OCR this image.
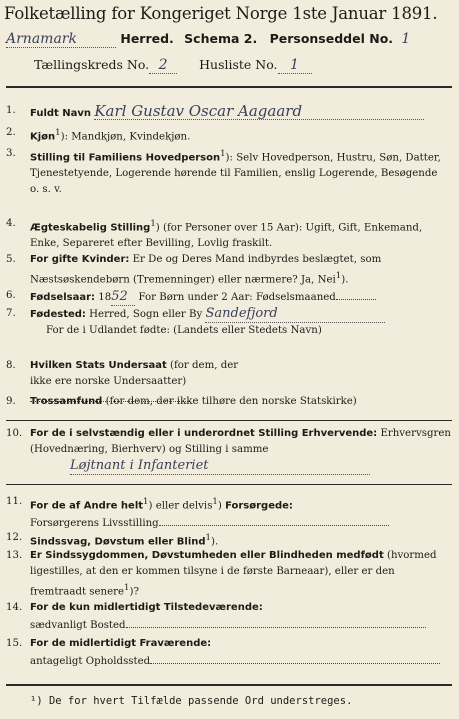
Folketælling for Kongeriget Norge 1ste Januar 1891.
Arnamark	Herred. Schema 2. Personseddel No. 1
Tællingskreds No. 2	Husliste No. 1
1.	Fuldt Navn Karl Gustav Oscar Aagaard
2.	Kjøn$^1$): Mandkjøn, Kvindekjøn.
3.	Stilling til Familiens Hovedperson$^1$): Selv Hovedperson, Hustru, Søn, Datter, Tjenestetyende, Logerende hørende til Familien, enslig Logerende, Besøgende
o. s. v.
4.	Ægteskabelig Stilling$^1$) (for Personer over 15 Aar): Ugift, Gift, Enkemand, Enke, Separeret efter Bevilling, Lovlig fraskilt.
5.	For gifte Kvinder: Er De og Deres Mand indbyrdes beslægtet, som Næstsøskendebørn (Tremenninger) eller nærmere? Ja, Nei$^1$).
6.	Fødselsaar: 1852 For Børn under 2 Aar: Fødselsmaaned
7.	Fødested: Herred, Sogn eller By Sandefjord
For de i Udlandet fødte: (Landets eller Stedets Navn)
8.	Hvilken Stats Undersaat (for dem, der ikke ere norske Undersaatter)
9.	Trossamfund (for dem, der ikke tilhøre den norske Statskirke)
10. For de i selvstændig eller i underordnet Stilling Erhvervende: Erhvervsgren (Hovednæring, Bierhverv) og Stilling i samme
Løjtnant i Infanteriet
11. For de af Andre helt$^1$) eller delvis$^1$) Forsørgede:
Forsørgerens Livsstilling
12. Sindssvag, Døvstum eller Blind$^1$).
13. Er Sindssygdommen, Døvstumheden eller Blindheden medfødt (hvormed ligestilles, at den er kommen tilsyne i de første Barneaar), eller er den fremtraadt senere$^1$)?
14. For de kun midlertidigt Tilstedeværende:
sædvanligt Bosted
15. For de midlertidigt Fraværende:
antageligt Opholdssted
¹) De for hvert Tilfælde passende Ord understreges.
